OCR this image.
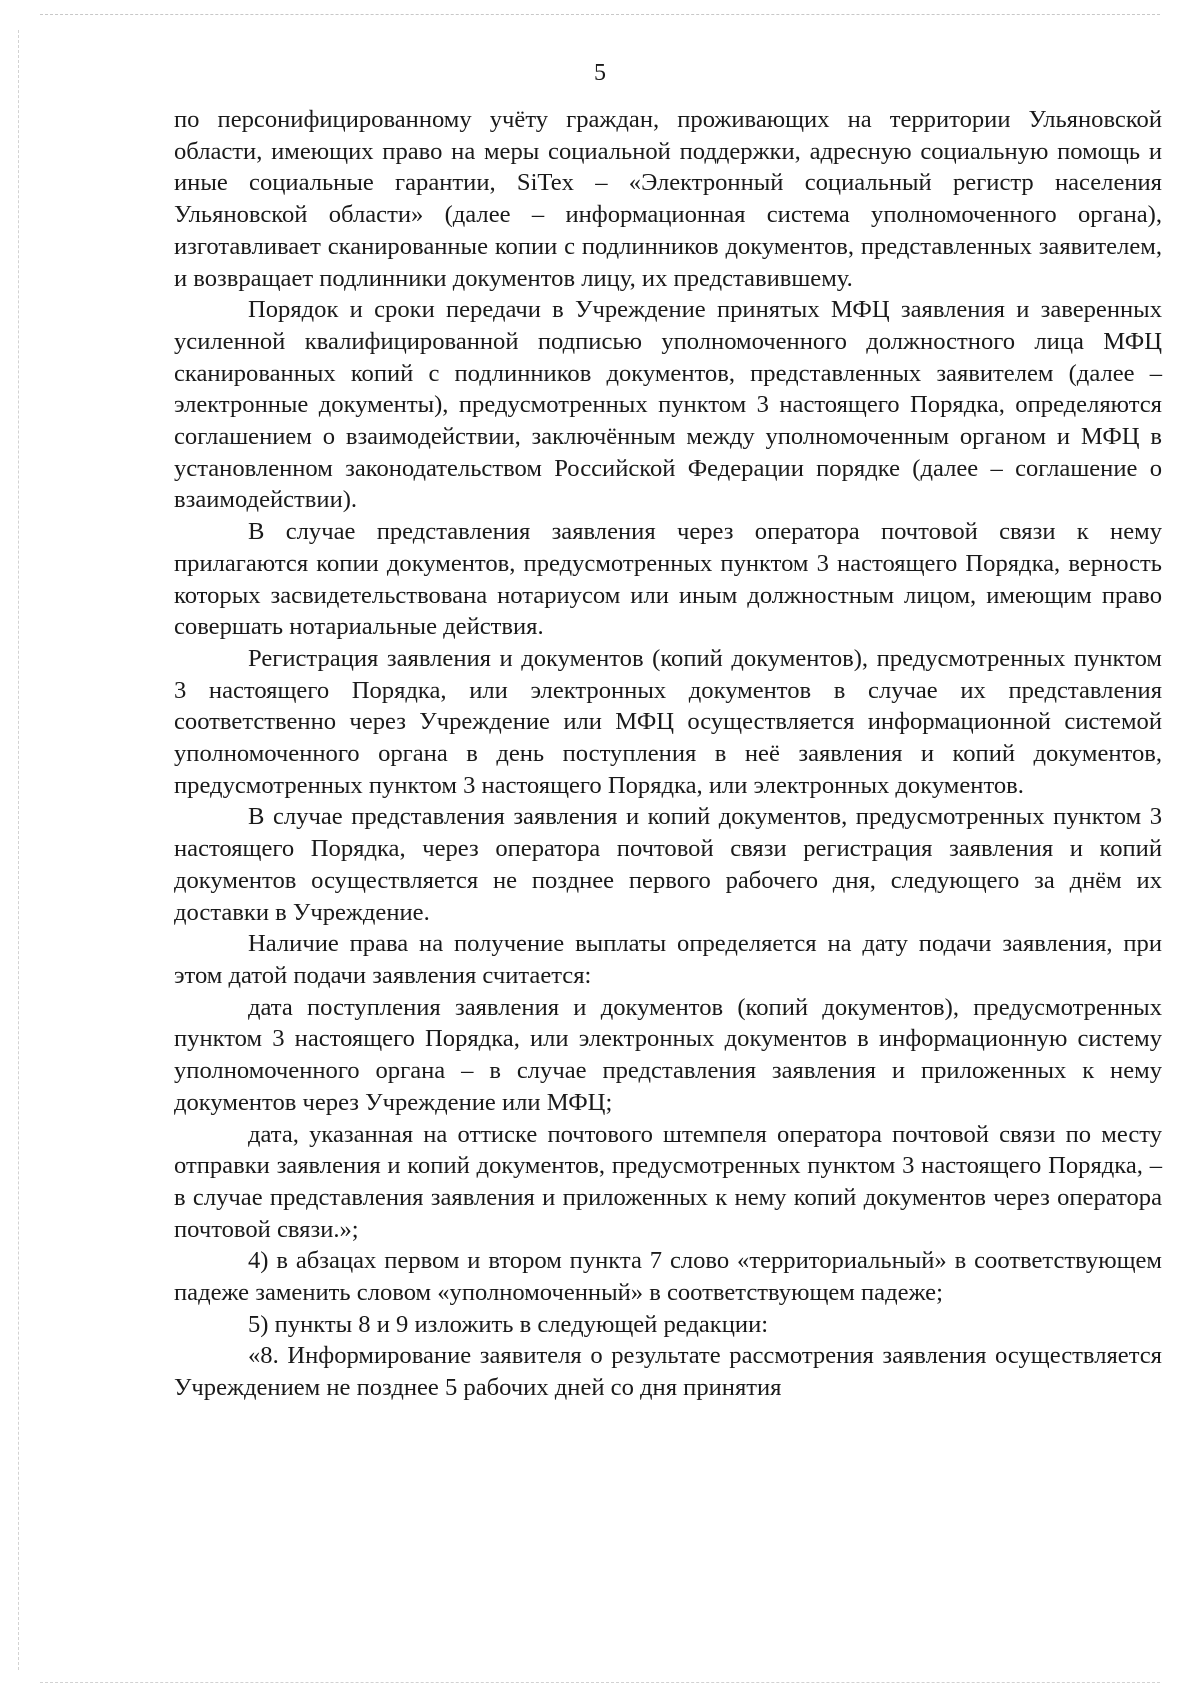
5

по персонифицированному учёту граждан, проживающих на территории Ульяновской области, имеющих право на меры социальной поддержки, адресную социальную помощь и иные социальные гарантии, SiTex – «Электронный социальный регистр населения Ульяновской области» (далее – информационная система уполномоченного органа), изготавливает сканированные копии с подлинников документов, представленных заявителем, и возвращает подлинники документов лицу, их представившему.

Порядок и сроки передачи в Учреждение принятых МФЦ заявления и заверенных усиленной квалифицированной подписью уполномоченного должностного лица МФЦ сканированных копий с подлинников документов, представленных заявителем (далее – электронные документы), предусмотренных пунктом 3 настоящего Порядка, определяются соглашением о взаимодействии, заключённым между уполномоченным органом и МФЦ в установленном законодательством Российской Федерации порядке (далее – соглашение о взаимодействии).

В случае представления заявления через оператора почтовой связи к нему прилагаются копии документов, предусмотренных пунктом 3 настоящего Порядка, верность которых засвидетельствована нотариусом или иным должностным лицом, имеющим право совершать нотариальные действия.

Регистрация заявления и документов (копий документов), предусмотренных пунктом 3 настоящего Порядка, или электронных документов в случае их представления соответственно через Учреждение или МФЦ осуществляется информационной системой уполномоченного органа в день поступления в неё заявления и копий документов, предусмотренных пунктом 3 настоящего Порядка, или электронных документов.

В случае представления заявления и копий документов, предусмотренных пунктом 3 настоящего Порядка, через оператора почтовой связи регистрация заявления и копий документов осуществляется не позднее первого рабочего дня, следующего за днём их доставки в Учреждение.

Наличие права на получение выплаты определяется на дату подачи заявления, при этом датой подачи заявления считается:

дата поступления заявления и документов (копий документов), предусмотренных пунктом 3 настоящего Порядка, или электронных документов в информационную систему уполномоченного органа – в случае представления заявления и приложенных к нему документов через Учреждение или МФЦ;

дата, указанная на оттиске почтового штемпеля оператора почтовой связи по месту отправки заявления и копий документов, предусмотренных пунктом 3 настоящего Порядка, – в случае представления заявления и приложенных к нему копий документов через оператора почтовой связи.»;

4) в абзацах первом и втором пункта 7 слово «территориальный» в соответствующем падеже заменить словом «уполномоченный» в соответствующем падеже;

5) пункты 8 и 9 изложить в следующей редакции:

«8. Информирование заявителя о результате рассмотрения заявления осуществляется Учреждением не позднее 5 рабочих дней со дня принятия
